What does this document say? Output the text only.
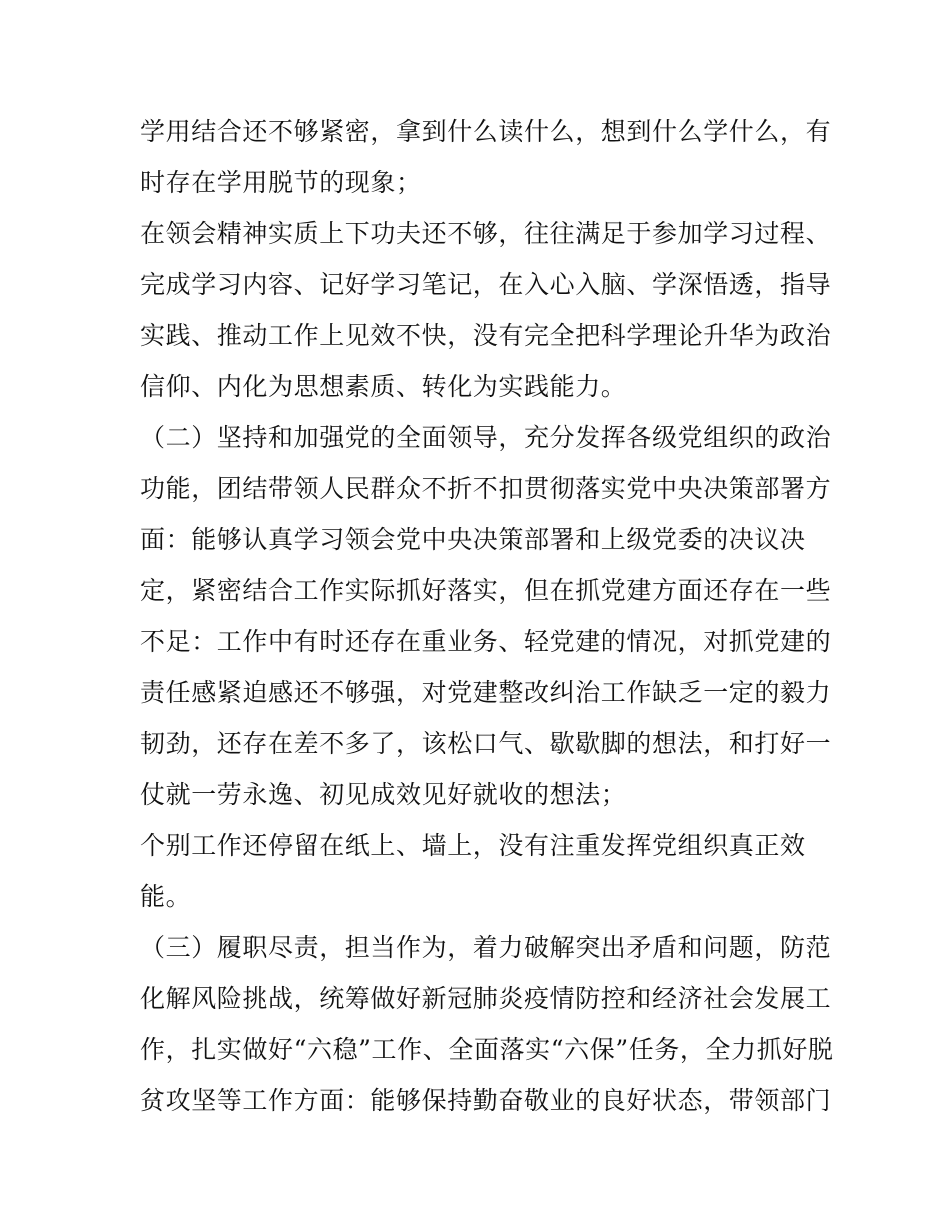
学用结合还不够紧密，拿到什么读什么，想到什么学什么，有
时存在学用脱节的现象；
在领会精神实质上下功夫还不够，往往满足于参加学习过程、
完成学习内容、记好学习笔记，在入心入脑、学深悟透，指导
实践、推动工作上见效不快，没有完全把科学理论升华为政治
信仰、内化为思想素质、转化为实践能力。
（二）坚持和加强党的全面领导，充分发挥各级党组织的政治
功能，团结带领人民群众不折不扣贯彻落实党中央决策部署方
面：能够认真学习领会党中央决策部署和上级党委的决议决
定，紧密结合工作实际抓好落实，但在抓党建方面还存在一些
不足：工作中有时还存在重业务、轻党建的情况，对抓党建的
责任感紧迫感还不够强，对党建整改纠治工作缺乏一定的毅力
韧劲，还存在差不多了，该松口气、歇歇脚的想法，和打好一
仗就一劳永逸、初见成效见好就收的想法；
个别工作还停留在纸上、墙上，没有注重发挥党组织真正效
能。
（三）履职尽责，担当作为，着力破解突出矛盾和问题，防范
化解风险挑战，统筹做好新冠肺炎疫情防控和经济社会发展工
作，扎实做好“六稳”工作、全面落实“六保”任务，全力抓好脱
贫攻坚等工作方面：能够保持勤奋敬业的良好状态，带领部门
